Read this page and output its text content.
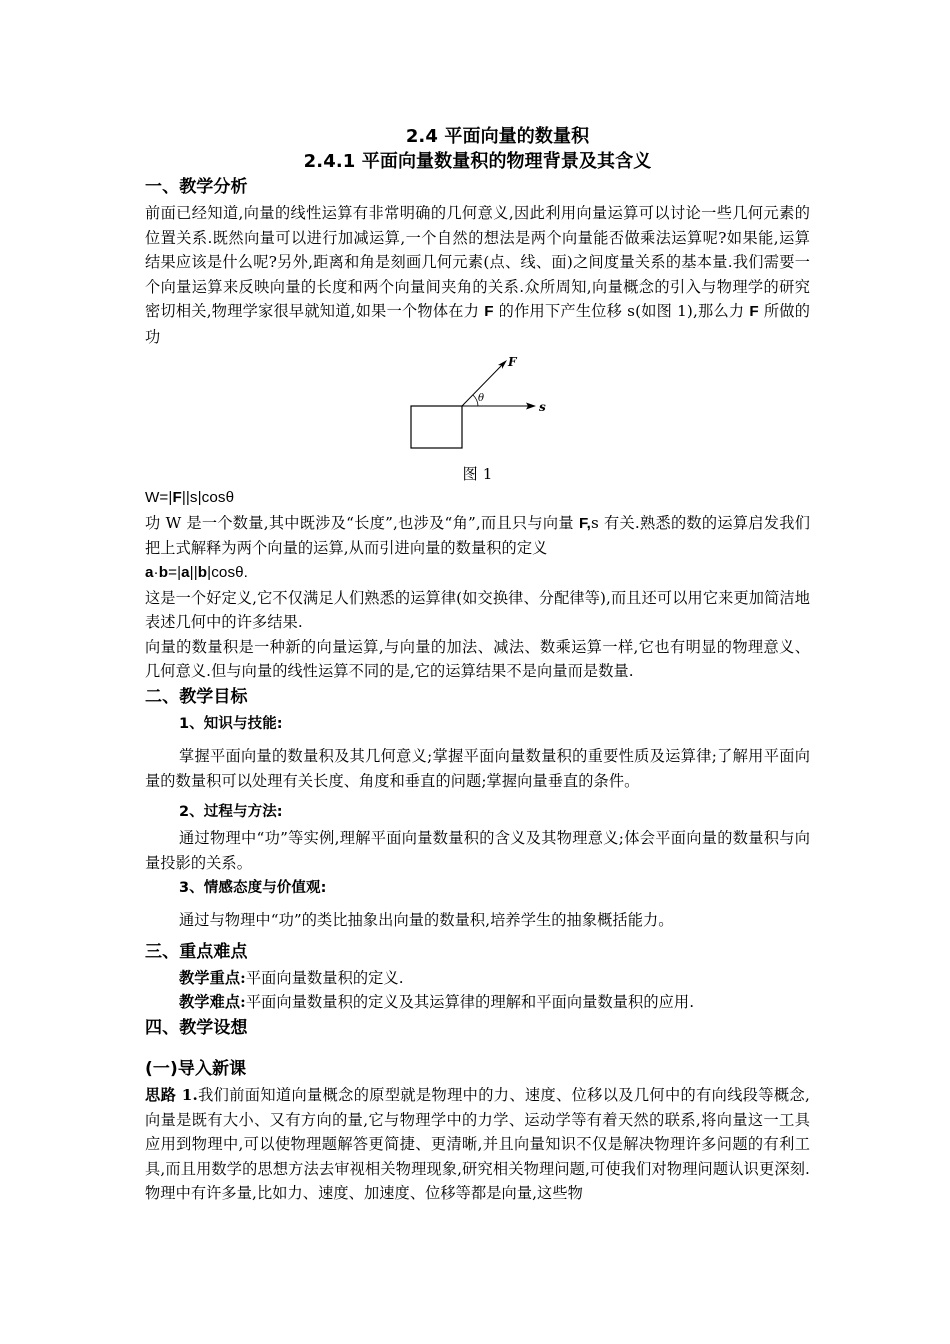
2.4 平面向量的数量积
2.4.1 平面向量数量积的物理背景及其含义
一、教学分析

前面已经知道,向量的线性运算有非常明确的几何意义,因此利用向量运算可以讨论一些几何元素的位置关系.既然向量可以进行加减运算,一个自然的想法是两个向量能否做乘法运算呢?如果能,运算结果应该是什么呢?另外,距离和角是刻画几何元素(点、线、面)之间度量关系的基本量.我们需要一个向量运算来反映向量的长度和两个向量间夹角的关系.众所周知,向量概念的引入与物理学的研究密切相关,物理学家很早就知道,如果一个物体在力 F 的作用下产生位移 s(如图 1),那么力 F 所做的功

F
s
θ
图 1

W=|F||s|cosθ

功 W 是一个数量,其中既涉及“长度”,也涉及“角”,而且只与向量 F,s 有关.熟悉的数的运算启发我们把上式解释为两个向量的运算,从而引进向量的数量积的定义

a·b=|a||b|cosθ.

这是一个好定义,它不仅满足人们熟悉的运算律(如交换律、分配律等),而且还可以用它来更加简洁地表述几何中的许多结果.

向量的数量积是一种新的向量运算,与向量的加法、减法、数乘运算一样,它也有明显的物理意义、几何意义.但与向量的线性运算不同的是,它的运算结果不是向量而是数量.

二、教学目标
1、知识与技能:

掌握平面向量的数量积及其几何意义;掌握平面向量数量积的重要性质及运算律;了解用平面向量的数量积可以处理有关长度、角度和垂直的问题;掌握向量垂直的条件。

2、过程与方法:

通过物理中“功”等实例,理解平面向量数量积的含义及其物理意义;体会平面向量的数量积与向量投影的关系。

3、情感态度与价值观:

通过与物理中“功”的类比抽象出向量的数量积,培养学生的抽象概括能力。

三、重点难点

教学重点:平面向量数量积的定义.

教学难点:平面向量数量积的定义及其运算律的理解和平面向量数量积的应用.

四、教学设想
(一)导入新课

思路 1.我们前面知道向量概念的原型就是物理中的力、速度、位移以及几何中的有向线段等概念,向量是既有大小、又有方向的量,它与物理学中的力学、运动学等有着天然的联系,将向量这一工具应用到物理中,可以使物理题解答更简捷、更清晰,并且向量知识不仅是解决物理许多问题的有利工具,而且用数学的思想方法去审视相关物理现象,研究相关物理问题,可使我们对物理问题认识更深刻.物理中有许多量,比如力、速度、加速度、位移等都是向量,这些物
